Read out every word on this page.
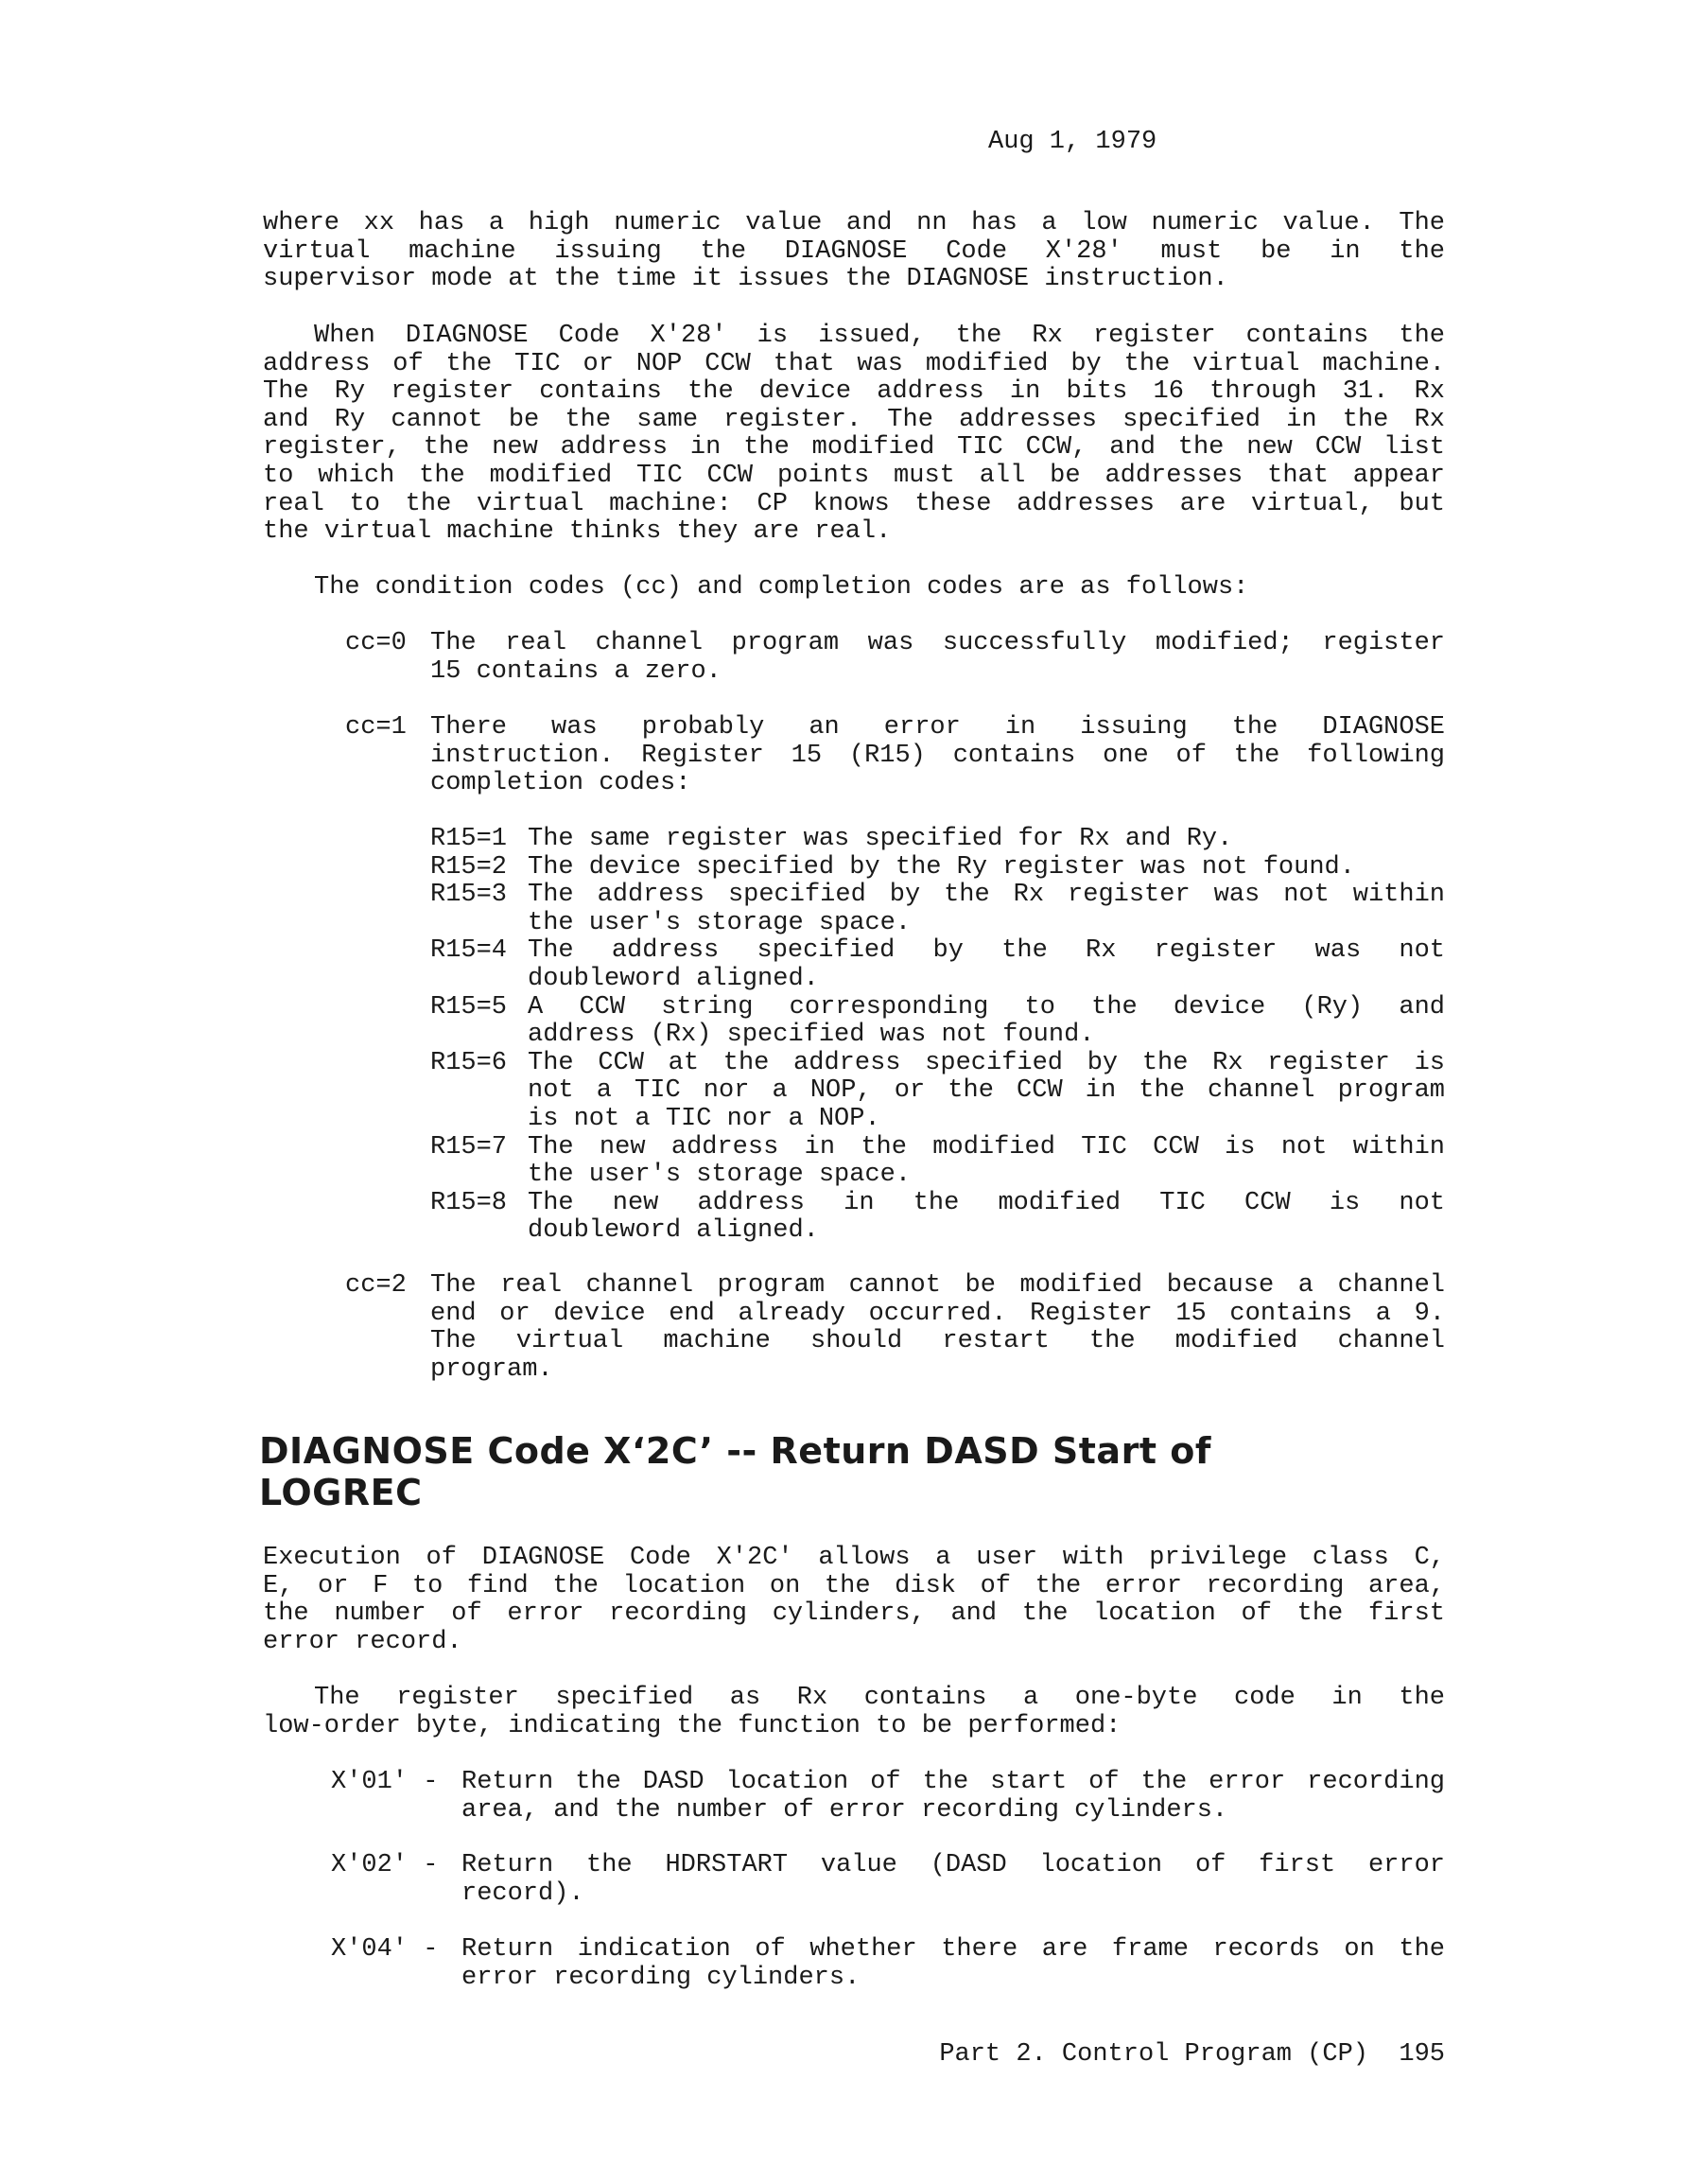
Aug 1, 1979
where xx has a high numeric value and nn has a low numeric value. The
virtual machine issuing the DIAGNOSE Code X'28' must be in the
supervisor mode at the time it issues the DIAGNOSE instruction.
When DIAGNOSE Code X'28' is issued, the Rx register contains the
address of the TIC or NOP CCW that was modified by the virtual machine.
The Ry register contains the device address in bits 16 through 31. Rx
and Ry cannot be the same register. The addresses specified in the Rx
register, the new address in the modified TIC CCW, and the new CCW list
to which the modified TIC CCW points must all be addresses that appear
real to the virtual machine: CP knows these addresses are virtual, but
the virtual machine thinks they are real.
The condition codes (cc) and completion codes are as follows:
cc=0 The real channel program was successfully modified; register
15 contains a zero.
cc=1 There was probably an error in issuing the DIAGNOSE
instruction. Register 15 (R15) contains one of the following
completion codes:
R15=1 The same register was specified for Rx and Ry.
R15=2 The device specified by the Ry register was not found.
R15=3 The address specified by the Rx register was not within
the user's storage space.
R15=4 The address specified by the Rx register was not
doubleword aligned.
R15=5 A CCW string corresponding to the device (Ry) and
address (Rx) specified was not found.
R15=6 The CCW at the address specified by the Rx register is
not a TIC nor a NOP, or the CCW in the channel program
is not a TIC nor a NOP.
R15=7 The new address in the modified TIC CCW is not within
the user's storage space.
R15=8 The new address in the modified TIC CCW is not
doubleword aligned.
cc=2 The real channel program cannot be modified because a channel
end or device end already occurred. Register 15 contains a 9.
The virtual machine should restart the modified channel
program.
DIAGNOSE Code X‘2C’ -- Return DASD Start of
LOGREC
Execution of DIAGNOSE Code X'2C' allows a user with privilege class C,
E, or F to find the location on the disk of the error recording area,
the number of error recording cylinders, and the location of the first
error record.
The register specified as Rx contains a one-byte code in the
low-order byte, indicating the function to be performed:
X'01' - Return the DASD location of the start of the error recording
area, and the number of error recording cylinders.
X'02' - Return the HDRSTART value (DASD location of first error
record).
X'04' - Return indication of whether there are frame records on the
error recording cylinders.
Part 2. Control Program (CP)  195
